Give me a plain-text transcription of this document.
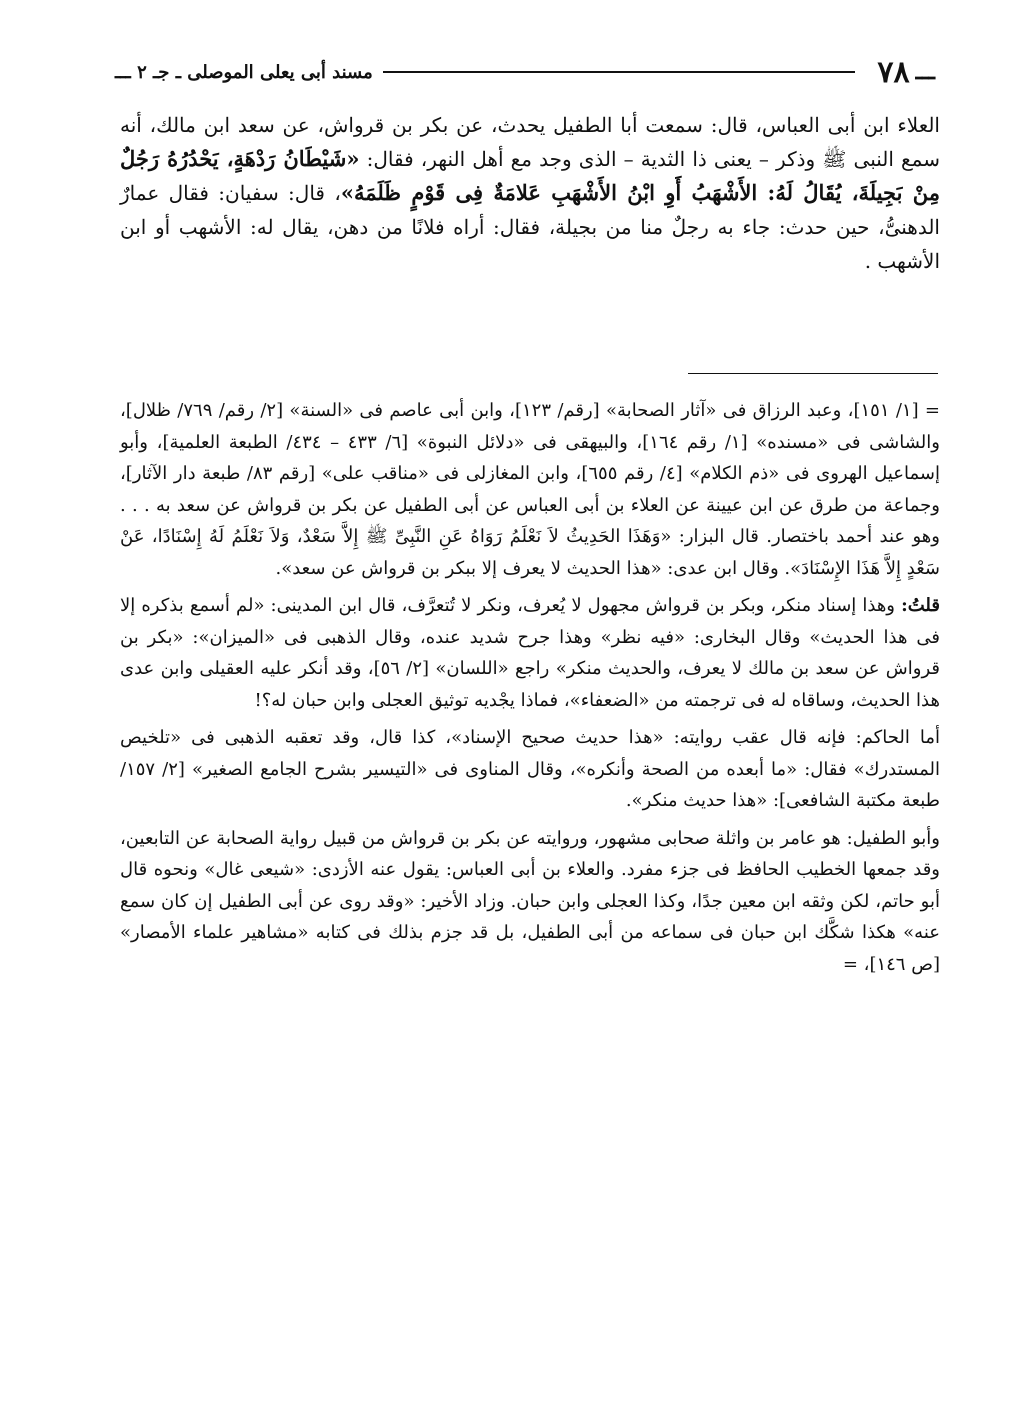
ـــ
٧٨
مسند أبى يعلى الموصلى ـ جـ ٢ ـــ
العلاء ابن أبى العباس، قال: سمعت أبا الطفيل يحدث، عن بكر بن قرواش، عن سعد ابن مالك، أنه سمع النبى ﷺ وذكر – يعنى ذا الثدية – الذى وجد مع أهل النهر، فقال: «شَيْطَانُ رَدْهَةٍ، يَحْدُرُهُ رَجُلٌ مِنْ بَجِيلَةَ، يُقَالُ لَهُ: الأَشْهَبُ أَوِ ابْنُ الأَشْهَبِ عَلامَةٌ فِى قَوْمٍ ظَلَمَهُ»، قال: سفيان: فقال عمارٌ الدهنىُّ، حين حدث: جاء به رجلٌ منا من بجيلة، فقال: أراه فلانًا من دهن، يقال له: الأشهب أو ابن الأشهب .

= [١/ ١٥١]، وعبد الرزاق فى «آثار الصحابة» [رقم/ ١٢٣]، وابن أبى عاصم فى «السنة» [٢/ رقم/ ٧٦٩/ ظلال]، والشاشى فى «مسنده» [١/ رقم ١٦٤]، والبيهقى فى «دلائل النبوة» [٦/ ٤٣٣ – ٤٣٤/ الطبعة العلمية]، وأبو إسماعيل الهروى فى «ذم الكلام» [٤/ رقم ٦٥٥]، وابن المغازلى فى «مناقب على» [رقم ٨٣/ طبعة دار الآثار]، وجماعة من طرق عن ابن عيينة عن العلاء بن أبى العباس عن أبى الطفيل عن بكر بن قرواش عن سعد به . . . وهو عند أحمد باختصار. قال البزار: «وَهَذَا الحَدِيثُ لاَ نَعْلَمُ رَوَاهُ عَنِ النَّبِىِّ ﷺ إِلاَّ سَعْدٌ، وَلاَ نَعْلَمُ لَهُ إِسْنَادًا، عَنْ سَعْدٍ إِلاَّ هَذَا الإِسْنَادَ». وقال ابن عدى: «هذا الحديث لا يعرف إلا ببكر بن قرواش عن سعد».

قلتُ: وهذا إسناد منكر، وبكر بن قرواش مجهول لا يُعرف، ونكر لا تُتعرَّف، قال ابن المدينى: «لم أسمع بذكره إلا فى هذا الحديث» وقال البخارى: «فيه نظر» وهذا جرح شديد عنده، وقال الذهبى فى «الميزان»: «بكر بن قرواش عن سعد بن مالك لا يعرف، والحديث منكر» راجع «اللسان» [٢/ ٥٦]، وقد أنكر عليه العقيلى وابن عدى هذا الحديث، وساقاه له فى ترجمته من «الضعفاء»، فماذا يجْديه توثيق العجلى وابن حبان له؟!

أما الحاكم: فإنه قال عقب روايته: «هذا حديث صحيح الإسناد»، كذا قال، وقد تعقبه الذهبى فى «تلخيص المستدرك» فقال: «ما أبعده من الصحة وأنكره»، وقال المناوى فى «التيسير بشرح الجامع الصغير» [٢/ ١٥٧/ طبعة مكتبة الشافعى]: «هذا حديث منكر».

وأبو الطفيل: هو عامر بن واثلة صحابى مشهور، وروايته عن بكر بن قرواش من قبيل رواية الصحابة عن التابعين، وقد جمعها الخطيب الحافظ فى جزء مفرد. والعلاء بن أبى العباس: يقول عنه الأزدى: «شيعى غال» ونحوه قال أبو حاتم، لكن وثقه ابن معين جدًا، وكذا العجلى وابن حبان. وزاد الأخير: «وقد روى عن أبى الطفيل إن كان سمع عنه» هكذا شكَّك ابن حبان فى سماعه من أبى الطفيل، بل قد جزم بذلك فى كتابه «مشاهير علماء الأمصار» [ص ١٤٦]، =
